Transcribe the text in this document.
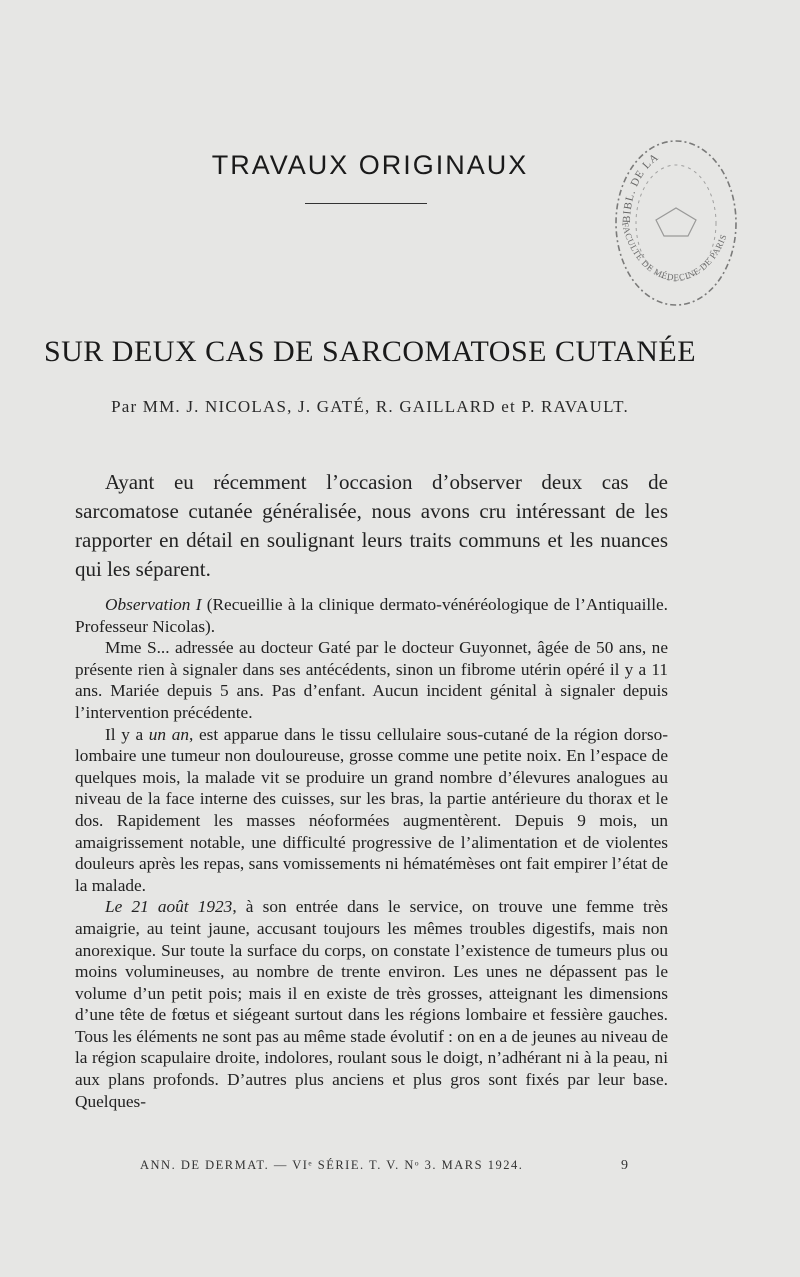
TRAVAUX ORIGINAUX
BIBL. DE LA
FACULTÉ DE MÉDECINE DE PARIS
SUR DEUX CAS DE SARCOMATOSE CUTANÉE
Par MM. J. NICOLAS, J. GATÉ, R. GAILLARD et P. RAVAULT.

Ayant eu récemment l’occasion d’observer deux cas de sarcomatose cutanée généralisée, nous avons cru intéressant de les rapporter en détail en soulignant leurs traits communs et les nuances qui les séparent.

Observation I (Recueillie à la clinique dermato-vénéréologique de l’Antiquaille. Professeur Nicolas).

Mme S... adressée au docteur Gaté par le docteur Guyonnet, âgée de 50 ans, ne présente rien à signaler dans ses antécédents, sinon un fibrome utérin opéré il y a 11 ans. Mariée depuis 5 ans. Pas d’enfant. Aucun incident génital à signaler depuis l’intervention précédente.

Il y a un an, est apparue dans le tissu cellulaire sous-cutané de la région dorso-lombaire une tumeur non douloureuse, grosse comme une petite noix. En l’espace de quelques mois, la malade vit se produire un grand nombre d’élevures analogues au niveau de la face interne des cuisses, sur les bras, la partie antérieure du thorax et le dos. Rapidement les masses néoformées augmentèrent. Depuis 9 mois, un amaigrissement notable, une difficulté progressive de l’alimentation et de violentes douleurs après les repas, sans vomissements ni hématémèses ont fait empirer l’état de la malade.

Le 21 août 1923, à son entrée dans le service, on trouve une femme très amaigrie, au teint jaune, accusant toujours les mêmes troubles digestifs, mais non anorexique. Sur toute la surface du corps, on constate l’existence de tumeurs plus ou moins volumineuses, au nombre de trente environ. Les unes ne dépassent pas le volume d’un petit pois; mais il en existe de très grosses, atteignant les dimensions d’une tête de fœtus et siégeant surtout dans les régions lombaire et fessière gauches. Tous les éléments ne sont pas au même stade évolutif : on en a de jeunes au niveau de la région scapulaire droite, indolores, roulant sous le doigt, n’adhérant ni à la peau, ni aux plans profonds. D’autres plus anciens et plus gros sont fixés par leur base. Quelques-

ANN. DE DERMAT. — VIᵉ SÉRIE. T. V. Nᵒ 3. MARS 1924.	9
